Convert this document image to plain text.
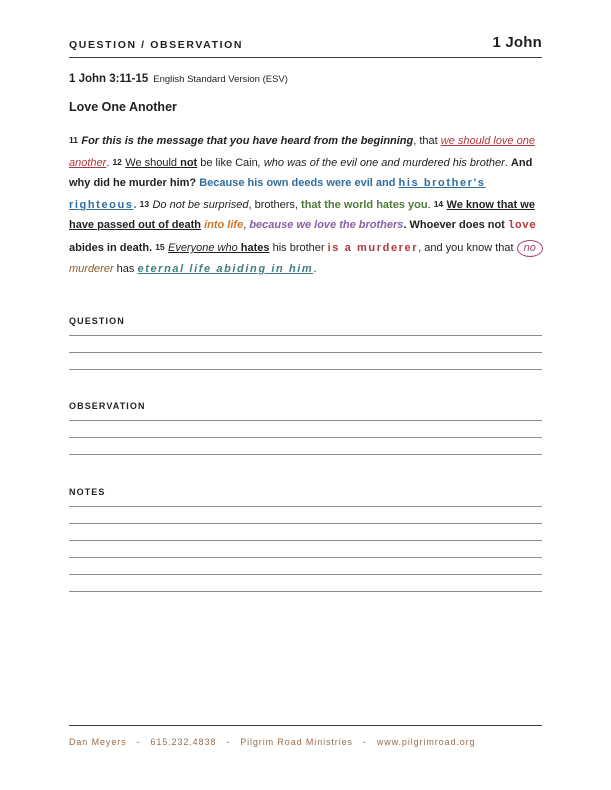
QUESTION / OBSERVATION	1 John
1 John 3:11-15 English Standard Version (ESV)
Love One Another
11 For this is the message that you have heard from the beginning, that we should love one another. 12 We should not be like Cain, who was of the evil one and murdered his brother. And why did he murder him? Because his own deeds were evil and his brother's righteous. 13 Do not be surprised, brothers, that the world hates you. 14 We know that we have passed out of death into life, because we love the brothers. Whoever does not love abides in death. 15 Everyone who hates his brother is a murderer, and you know that no murderer has eternal life abiding in him.
QUESTION
OBSERVATION
NOTES
Dan Meyers - 615.232.4838 - Pilgrim Road Ministries - www.pilgrimroad.org
